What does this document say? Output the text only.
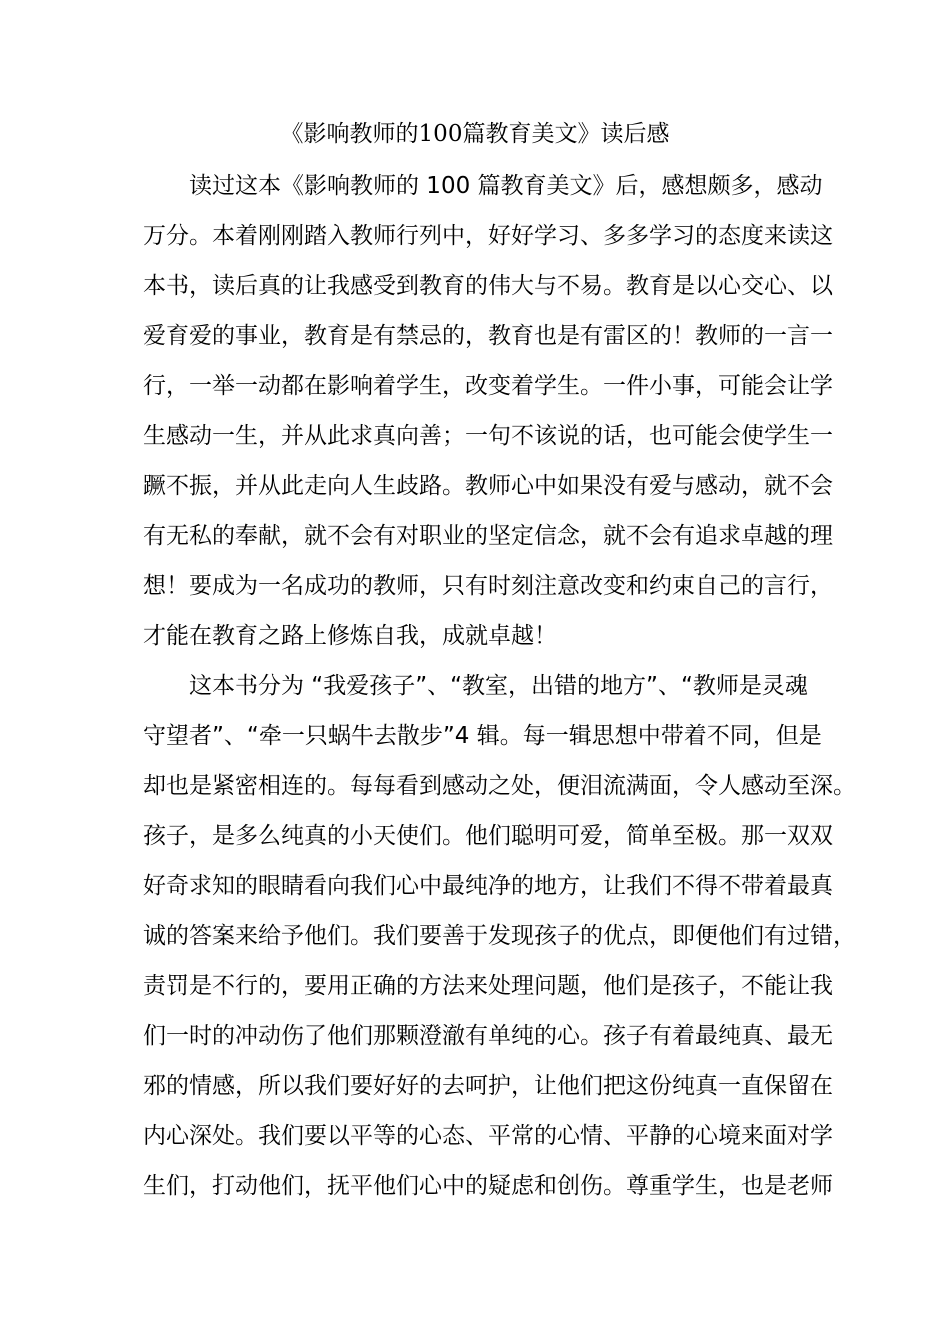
《影响教师的100篇教育美文》读后感

读过这本《影响教师的 100 篇教育美文》后，感想颇多，感动
万分。本着刚刚踏入教师行列中，好好学习、多多学习的态度来读这
本书，读后真的让我感受到教育的伟大与不易。教育是以心交心、以
爱育爱的事业，教育是有禁忌的，教育也是有雷区的！教师的一言一
行，一举一动都在影响着学生，改变着学生。一件小事，可能会让学
生感动一生，并从此求真向善；一句不该说的话，也可能会使学生一
蹶不振，并从此走向人生歧路。教师心中如果没有爱与感动，就不会
有无私的奉献，就不会有对职业的坚定信念，就不会有追求卓越的理
想！要成为一名成功的教师，只有时刻注意改变和约束自己的言行，
才能在教育之路上修炼自我，成就卓越！

这本书分为 “我爱孩子”、“教室，出错的地方”、“教师是灵魂
守望者”、“牵一只蜗牛去散步”4 辑。每一辑思想中带着不同，但是
却也是紧密相连的。每每看到感动之处，便泪流满面，令人感动至深。
孩子，是多么纯真的小天使们。他们聪明可爱，简单至极。那一双双
好奇求知的眼睛看向我们心中最纯净的地方，让我们不得不带着最真
诚的答案来给予他们。我们要善于发现孩子的优点，即便他们有过错，
责罚是不行的，要用正确的方法来处理问题，他们是孩子，不能让我
们一时的冲动伤了他们那颗澄澈有单纯的心。孩子有着最纯真、最无
邪的情感，所以我们要好好的去呵护，让他们把这份纯真一直保留在
内心深处。我们要以平等的心态、平常的心情、平静的心境来面对学
生们，打动他们，抚平他们心中的疑虑和创伤。尊重学生，也是老师
